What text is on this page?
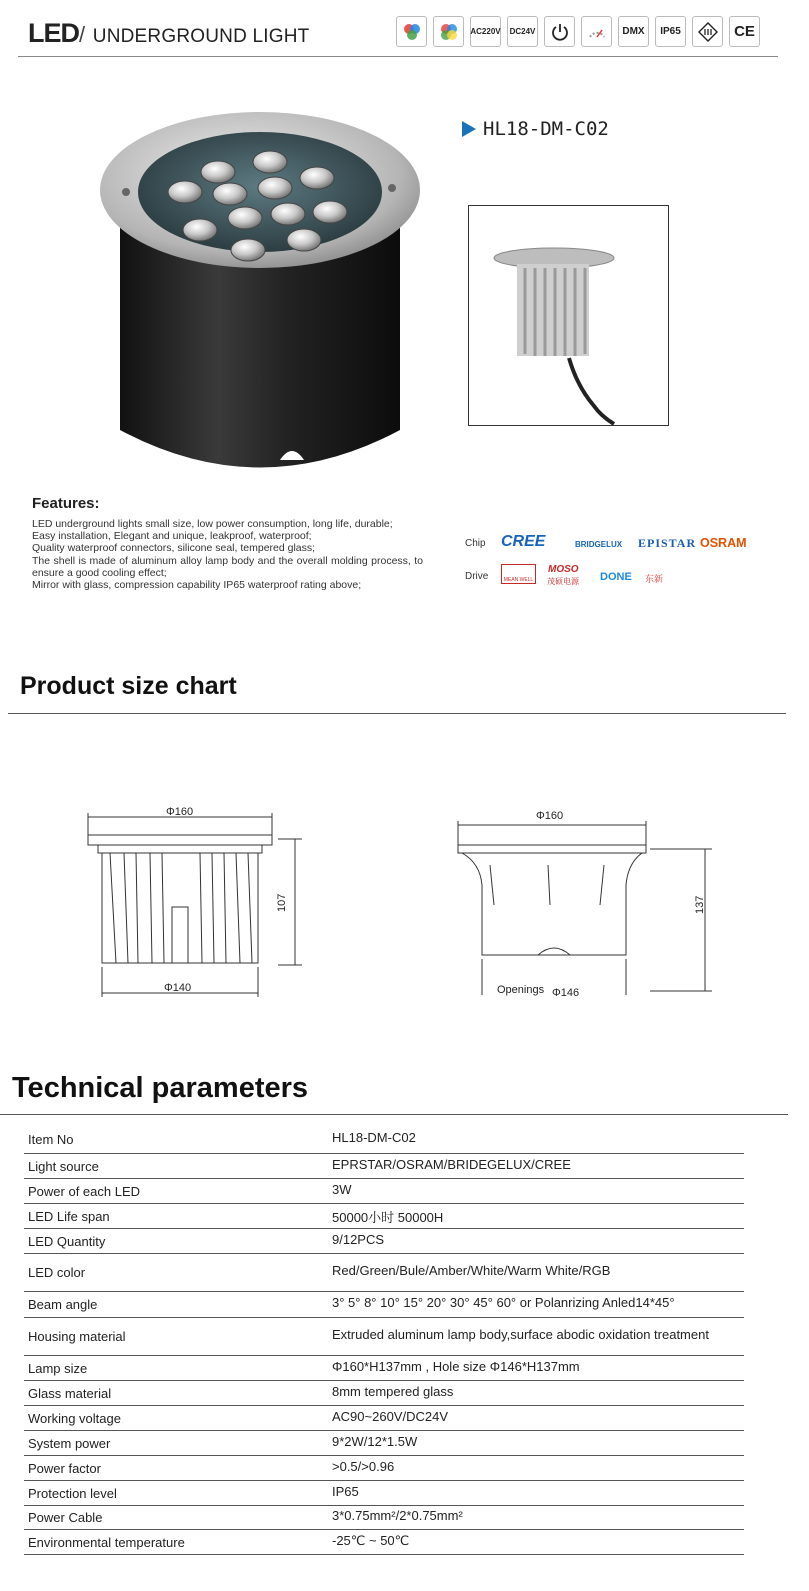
LED/ UNDERGROUND LIGHT	AC220V DC24V	DMX IP65	CE
HL18-DM-C02
Features:
LED underground lights small size, low power consumption, long life, durable;
Easy installation, Elegant and unique, leakproof, waterproof;
Quality waterproof connectors, silicone seal, tempered glass;
The shell is made of aluminum alloy lamp body and the overall molding process, to ensure a good cooling effect;
Mirror with glass, compression capability IP65 waterproof rating above;
Chip CREE	BRIDGELUX EPISTAR OSRAM
Drive	MEAN WELL
MOSO
茂硕电源 DONE 东新
Product size chart
Φ160
107
Φ140
Φ160
137
Openings Φ146
Technical parameters
Item No	HL18-DM-C02
Light source	EPRSTAR/OSRAM/BRIDEGELUX/CREE
Power of each LED	3W
LED Life span	50000小时 50000H
LED Quantity	9/12PCS
LED color	Red/Green/Bule/Amber/White/Warm White/RGB
Beam angle	3° 5° 8° 10° 15° 20° 30° 45° 60° or Polanrizing Anled14*45°
Housing material	Extruded aluminum lamp body,surface abodic oxidation treatment
Lamp size	Φ160*H137mm , Hole size Φ146*H137mm
Glass material	8mm tempered glass
Working voltage	AC90~260V/DC24V
System power	9*2W/12*1.5W
Power factor	>0.5/>0.96
Protection level	IP65
Power Cable	3*0.75mm²/2*0.75mm²
Environmental temperature	-25℃ ~ 50℃
